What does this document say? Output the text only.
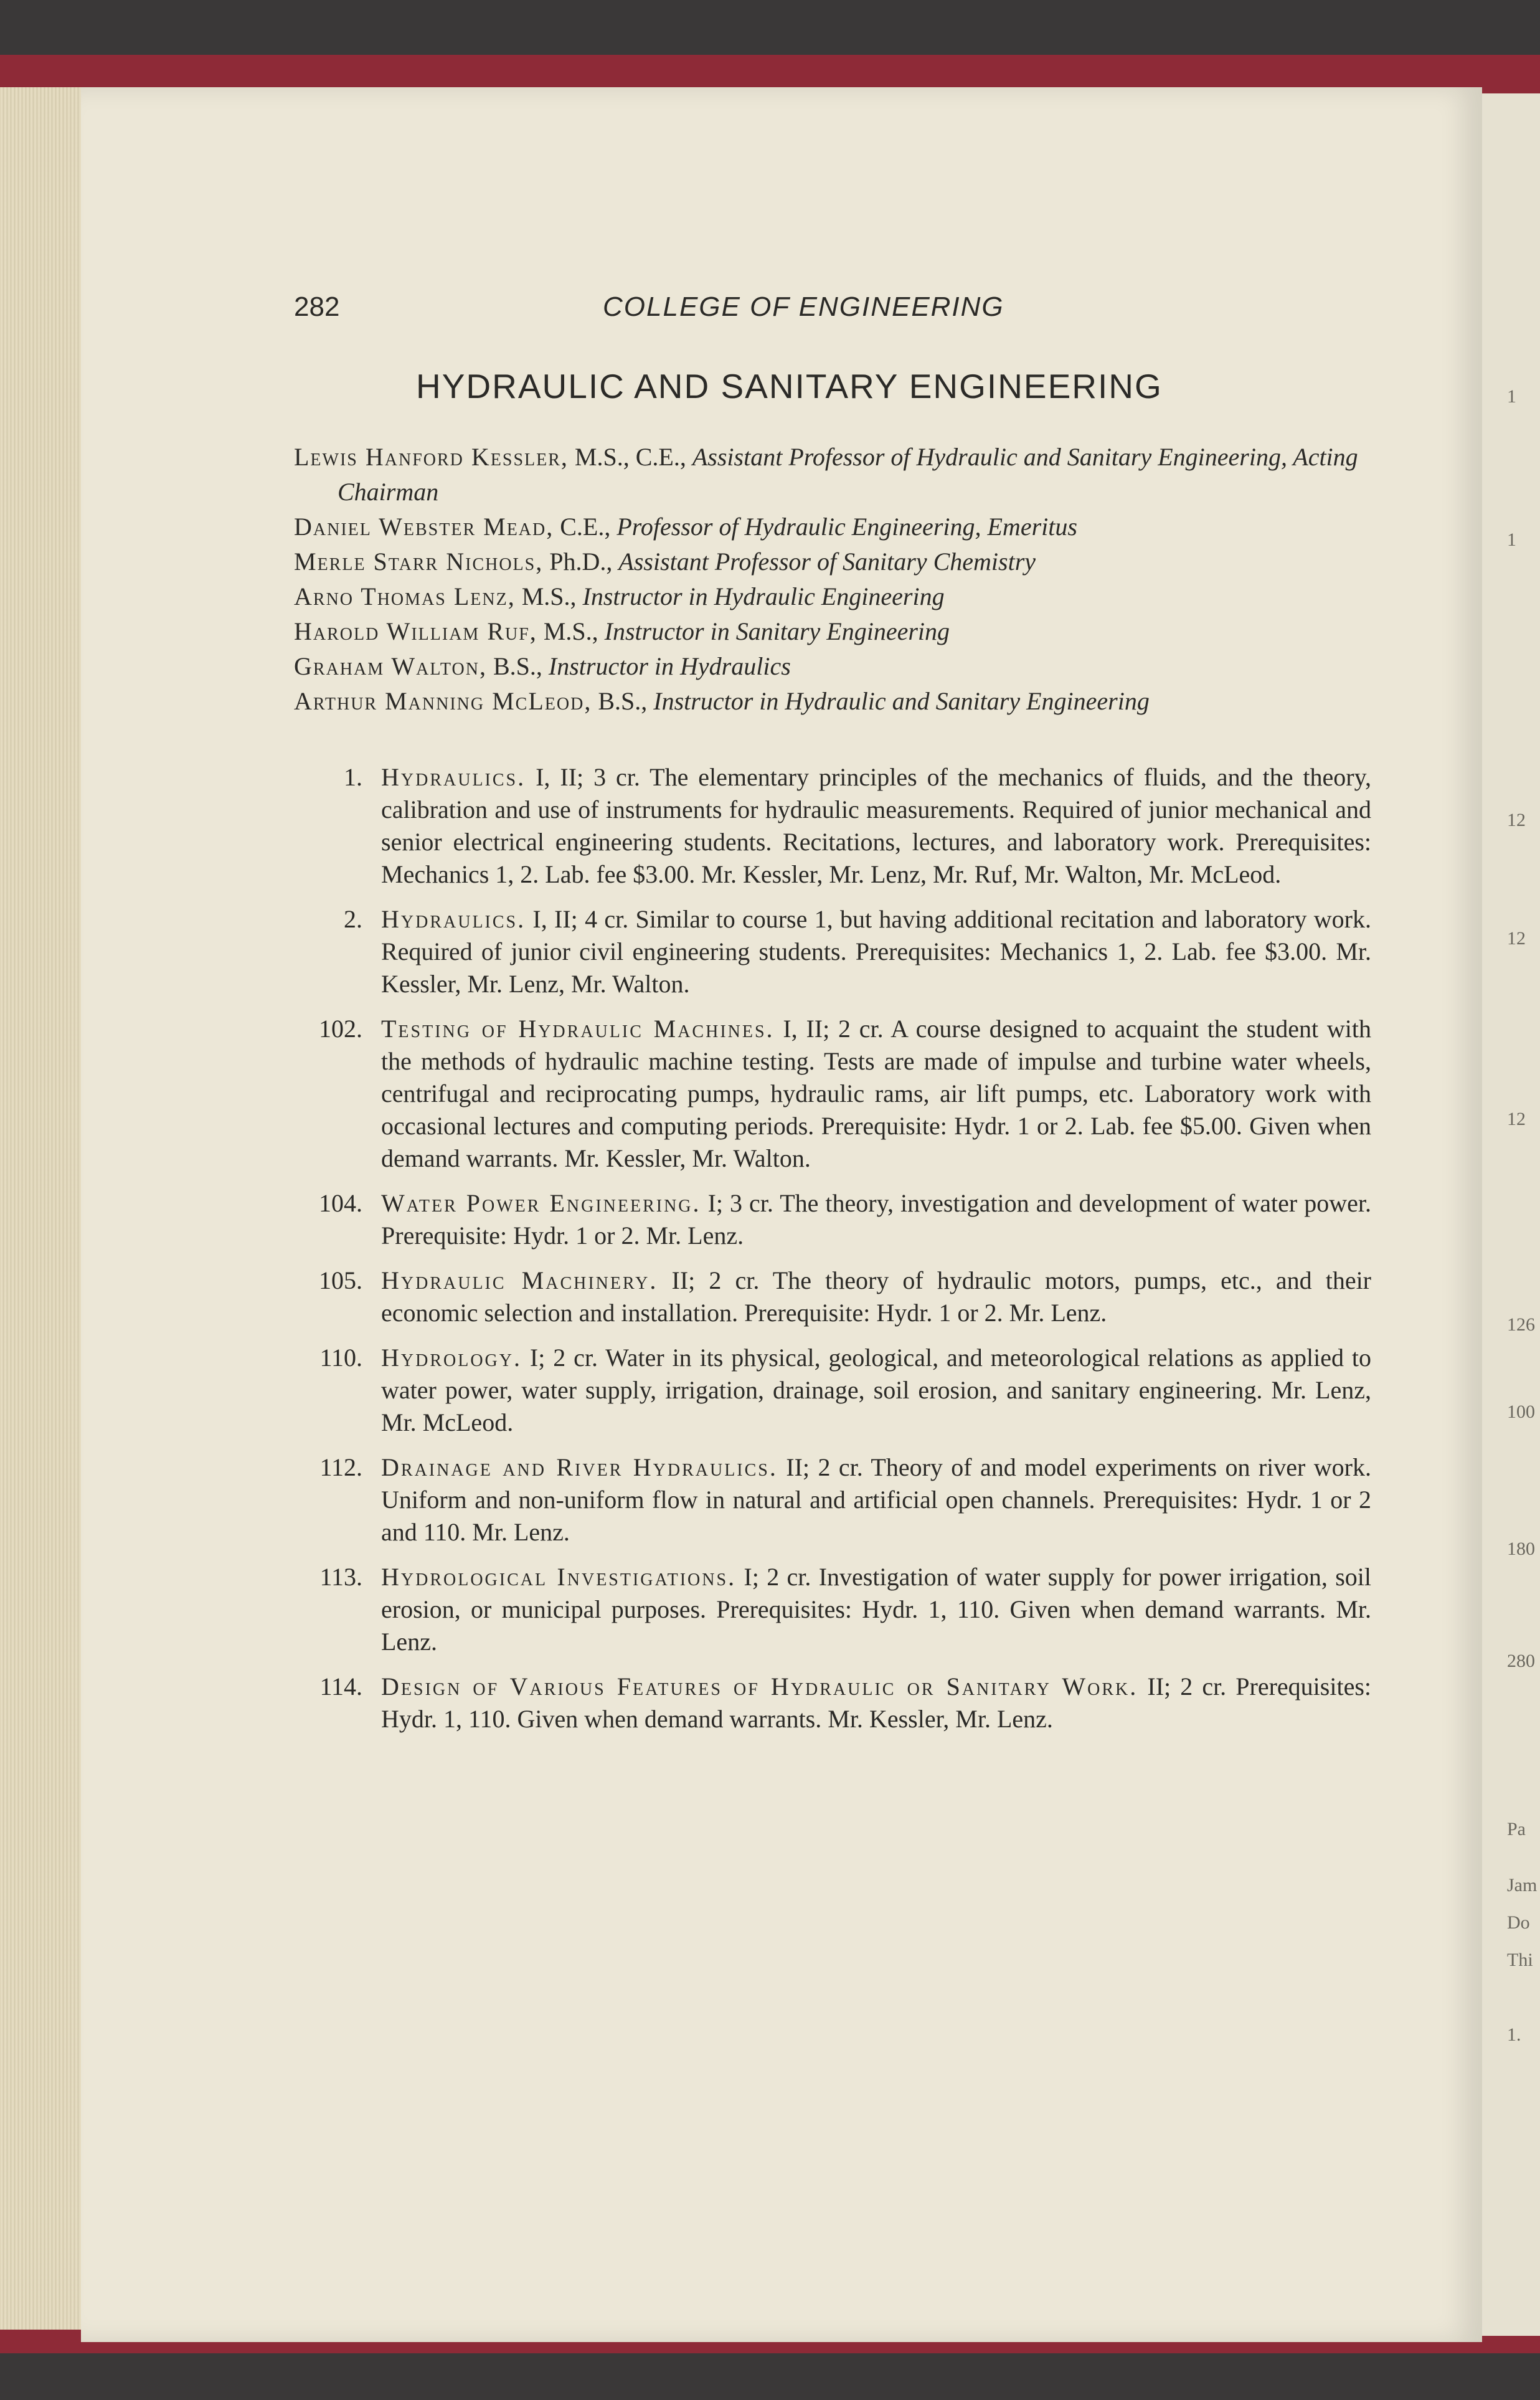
1
1
12
12
12
126
100
180
280
Pa
Jam
Do
Thi
1.
282	COLLEGE OF ENGINEERING
HYDRAULIC AND SANITARY ENGINEERING
Lewis Hanford Kessler, M.S., C.E., Assistant Professor of Hydraulic and Sanitary Engineering, Acting Chairman
Daniel Webster Mead, C.E., Professor of Hydraulic Engineering, Emeritus
Merle Starr Nichols, Ph.D., Assistant Professor of Sanitary Chemistry
Arno Thomas Lenz, M.S., Instructor in Hydraulic Engineering
Harold William Ruf, M.S., Instructor in Sanitary Engineering
Graham Walton, B.S., Instructor in Hydraulics
Arthur Manning McLeod, B.S., Instructor in Hydraulic and Sanitary Engineering
1. Hydraulics. I, II; 3 cr. The elementary principles of the mechanics of fluids, and the theory, calibration and use of instruments for hydraulic measurements. Required of junior mechanical and senior electrical engineering students. Recitations, lectures, and laboratory work. Prerequisites: Mechanics 1, 2. Lab. fee $3.00. Mr. Kessler, Mr. Lenz, Mr. Ruf, Mr. Walton, Mr. McLeod.
2. Hydraulics. I, II; 4 cr. Similar to course 1, but having additional recitation and laboratory work. Required of junior civil engineering students. Prerequisites: Mechanics 1, 2. Lab. fee $3.00. Mr. Kessler, Mr. Lenz, Mr. Walton.
102. Testing of Hydraulic Machines. I, II; 2 cr. A course designed to acquaint the student with the methods of hydraulic machine testing. Tests are made of impulse and turbine water wheels, centrifugal and reciprocating pumps, hydraulic rams, air lift pumps, etc. Laboratory work with occasional lectures and computing periods. Prerequisite: Hydr. 1 or 2. Lab. fee $5.00. Given when demand warrants. Mr. Kessler, Mr. Walton.
104. Water Power Engineering. I; 3 cr. The theory, investigation and development of water power. Prerequisite: Hydr. 1 or 2. Mr. Lenz.
105. Hydraulic Machinery. II; 2 cr. The theory of hydraulic motors, pumps, etc., and their economic selection and installation. Prerequisite: Hydr. 1 or 2. Mr. Lenz.
110. Hydrology. I; 2 cr. Water in its physical, geological, and meteorological relations as applied to water power, water supply, irrigation, drainage, soil erosion, and sanitary engineering. Mr. Lenz, Mr. McLeod.
112. Drainage and River Hydraulics. II; 2 cr. Theory of and model experiments on river work. Uniform and non-uniform flow in natural and artificial open channels. Prerequisites: Hydr. 1 or 2 and 110. Mr. Lenz.
113. Hydrological Investigations. I; 2 cr. Investigation of water supply for power irrigation, soil erosion, or municipal purposes. Prerequisites: Hydr. 1, 110. Given when demand warrants. Mr. Lenz.
114. Design of Various Features of Hydraulic or Sanitary Work. II; 2 cr. Prerequisites: Hydr. 1, 110. Given when demand warrants. Mr. Kessler, Mr. Lenz.
